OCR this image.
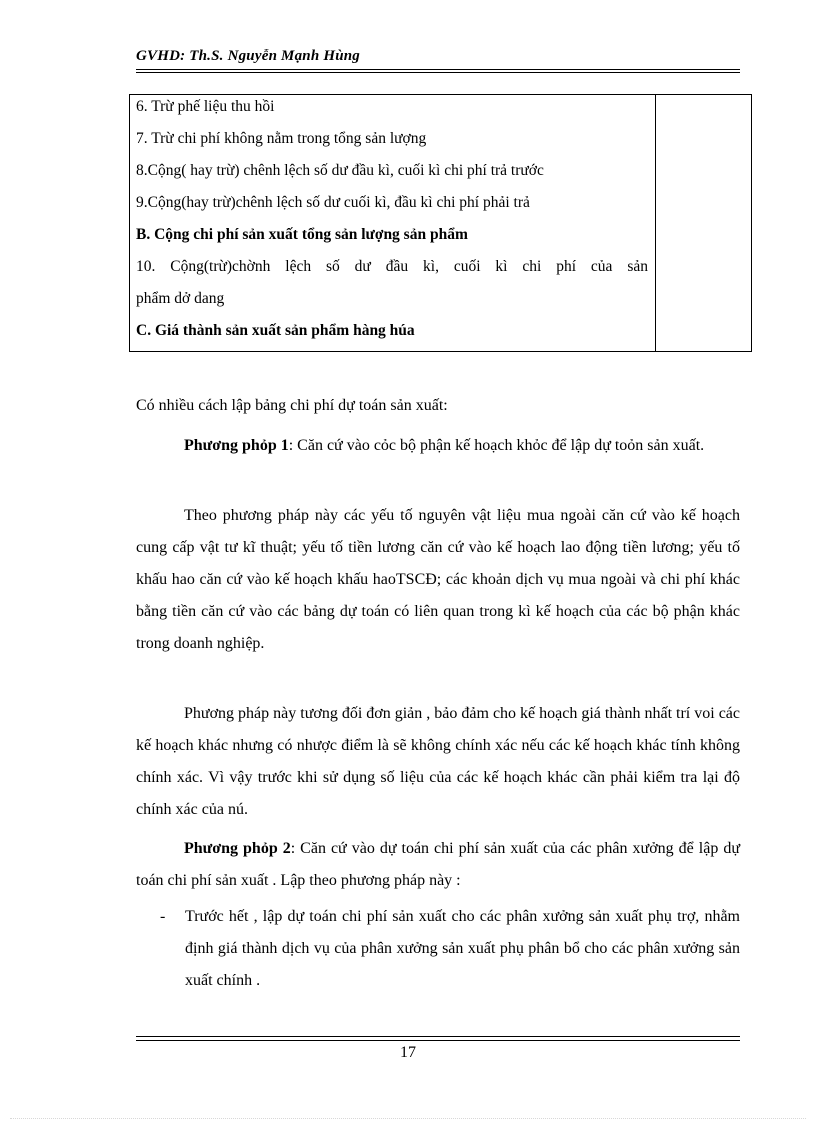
GVHD: Th.S. Nguyễn Mạnh Hùng
6. Trừ phế liệu thu hồi
7. Trừ chi phí không nằm trong tổng sản lượng
8.Cộng( hay trừ) chênh lệch số dư đầu kì, cuối kì chi phí trả trước
9.Cộng(hay trừ)chênh lệch số dư cuối kì, đầu kì chi phí phải trả
B. Cộng chi phí sản xuất tổng sản lượng sản phẩm
10. Cộng(trừ)chờnh lệch số dư đầu kì, cuối kì chi phí của sản
phẩm dở dang
C. Giá thành sản xuất sản phẩm hàng húa
Có nhiều cách lập bảng chi phí dự toán sản xuất:
Phương phỏp 1: Căn cứ vào cỏc bộ phận kế hoạch khỏc để lập dự toỏn sản xuất.
Theo phương pháp này các yếu tố nguyên vật liệu mua ngoài căn cứ vào kế hoạch cung cấp vật tư kĩ thuật; yếu tố tiền lương căn cứ vào kế hoạch lao động tiền lương; yếu tố khấu hao căn cứ vào kế hoạch khấu haoTSCĐ; các khoản dịch vụ mua ngoài và chi phí khác bằng tiền căn cứ vào các bảng dự toán có liên quan trong kì kế hoạch của các bộ phận khác trong doanh nghiệp.
Phương pháp này tương đối đơn giản , bảo đảm cho kế hoạch giá thành nhất trí voi các kế hoạch khác nhưng có nhược điểm là sẽ không chính xác nếu các kế hoạch khác tính không chính xác. Vì vậy trước khi sử dụng số liệu của các kế hoạch khác cần phải kiểm tra lại độ chính xác của nú.
Phương phỏp 2: Căn cứ vào dự toán chi phí sản xuất của các phân xưởng để lập dự toán chi phí sản xuất . Lập theo phương pháp này :
- Trước hết , lập dự toán chi phí sản xuất cho các phân xưởng sản xuất phụ trợ, nhằm định giá thành dịch vụ của phân xưởng sản xuất phụ phân bổ cho các phân xưởng sản xuất chính .
17
